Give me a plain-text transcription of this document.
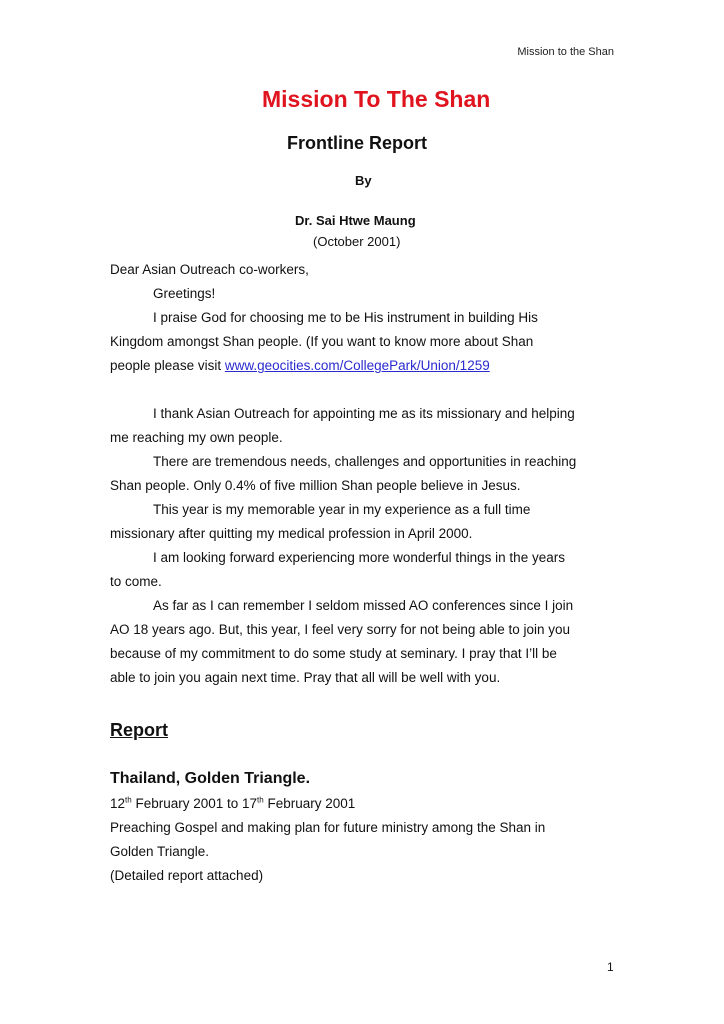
Mission to the Shan
Mission To The Shan
Frontline Report
By
Dr. Sai Htwe Maung
(October 2001)
Dear Asian Outreach co-workers,
Greetings!
I praise God for choosing me to be His instrument in building His
Kingdom amongst Shan people. (If you want to know more about Shan
people please visit www.geocities.com/CollegePark/Union/1259

I thank Asian Outreach for appointing me as its missionary and helping
me reaching my own people.
There are tremendous needs, challenges and opportunities in reaching
Shan people. Only 0.4% of five million Shan people believe in Jesus.
This year is my memorable year in my experience as a full time
missionary after quitting my medical profession in April 2000.
I am looking forward experiencing more wonderful things in the years
to come.
As far as I can remember I seldom missed AO conferences since I join
AO 18 years ago. But, this year, I feel very sorry for not being able to join you
because of my commitment to do some study at seminary. I pray that I’ll be
able to join you again next time. Pray that all will be well with you.
Report
Thailand, Golden Triangle.
12th February 2001 to 17th February 2001
Preaching Gospel and making plan for future ministry among the Shan in
Golden Triangle.
(Detailed report attached)
1
